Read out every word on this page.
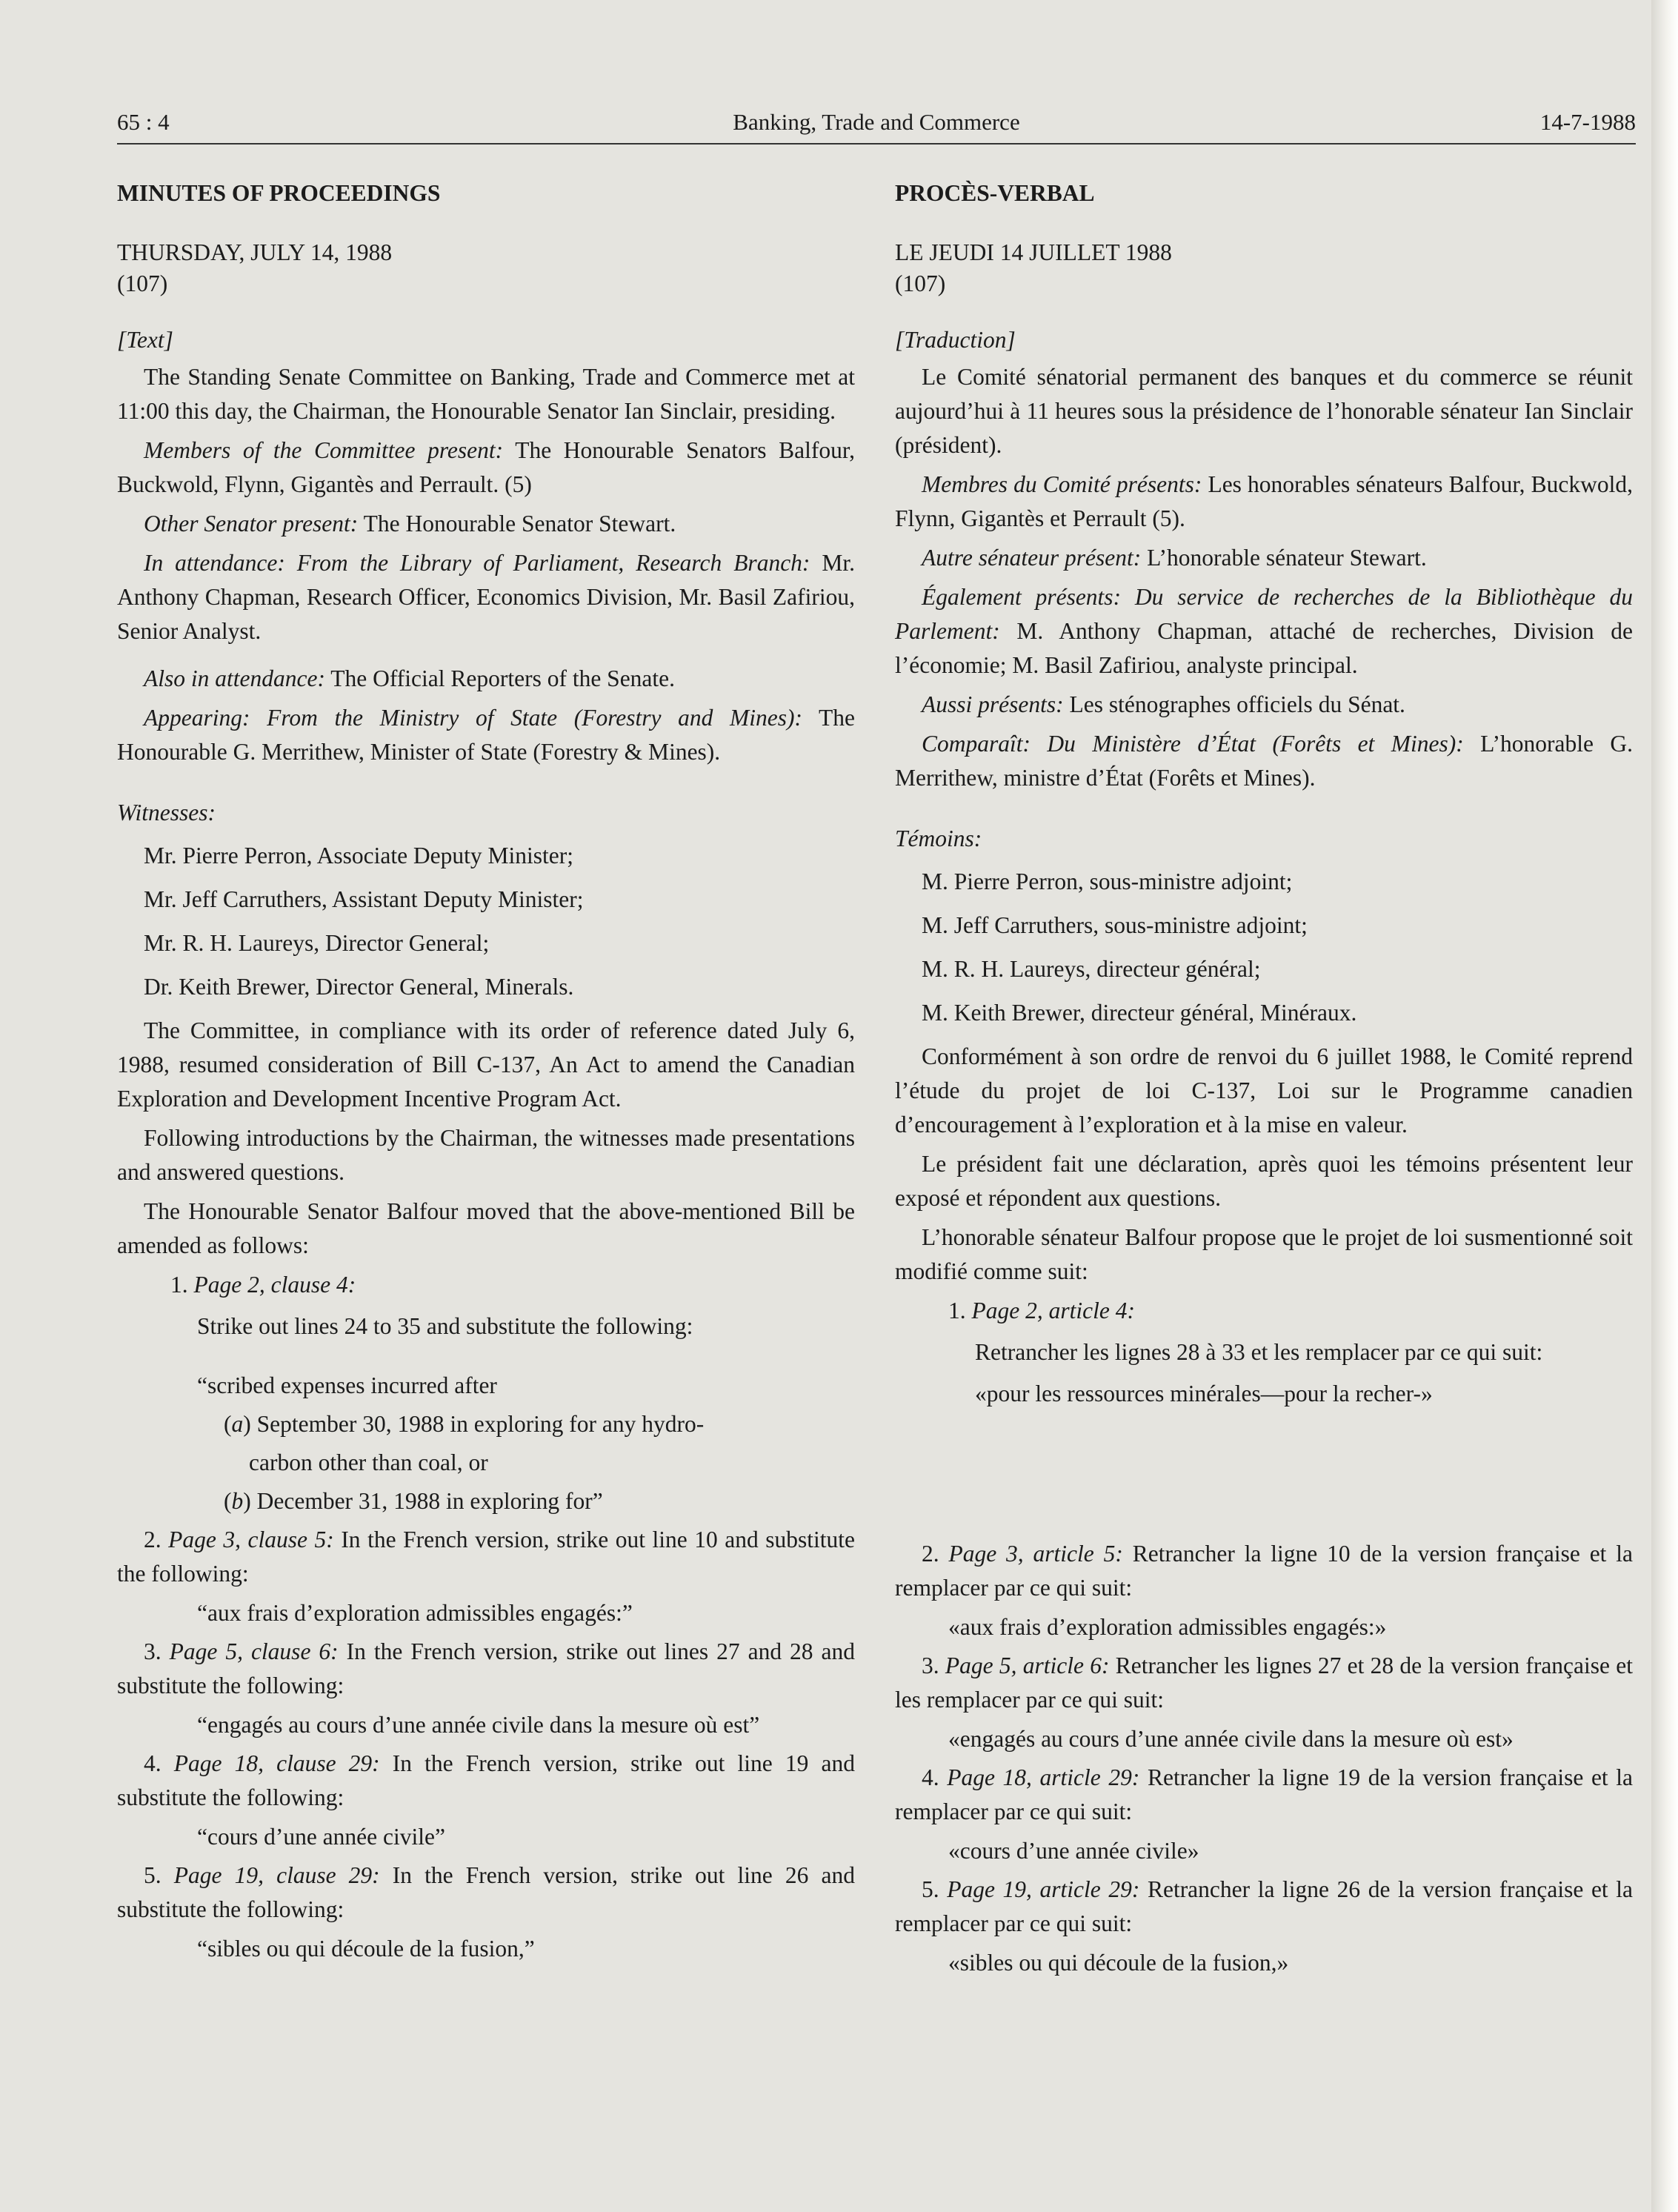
65 : 4	Banking, Trade and Commerce	14-7-1988
MINUTES OF PROCEEDINGS
THURSDAY, JULY 14, 1988
(107)
[Text]

The Standing Senate Committee on Banking, Trade and Commerce met at 11:00 this day, the Chairman, the Honourable Senator Ian Sinclair, presiding.

Members of the Committee present: The Honourable Senators Balfour, Buckwold, Flynn, Gigantès and Perrault. (5)

Other Senator present: The Honourable Senator Stewart.

In attendance: From the Library of Parliament, Research Branch: Mr. Anthony Chapman, Research Officer, Economics Division, Mr. Basil Zafiriou, Senior Analyst.

Also in attendance: The Official Reporters of the Senate.

Appearing: From the Ministry of State (Forestry and Mines): The Honourable G. Merrithew, Minister of State (Forestry & Mines).

Witnesses:
Mr. Pierre Perron, Associate Deputy Minister;
Mr. Jeff Carruthers, Assistant Deputy Minister;
Mr. R. H. Laureys, Director General;
Dr. Keith Brewer, Director General, Minerals.

The Committee, in compliance with its order of reference dated July 6, 1988, resumed consideration of Bill C-137, An Act to amend the Canadian Exploration and Development Incentive Program Act.

Following introductions by the Chairman, the witnesses made presentations and answered questions.

The Honourable Senator Balfour moved that the above-mentioned Bill be amended as follows:

1. Page 2, clause 4:
Strike out lines 24 to 35 and substitute the following:
“scribed expenses incurred after
(a) September 30, 1988 in exploring for any hydro-
carbon other than coal, or
(b) December 31, 1988 in exploring for”

2. Page 3, clause 5: In the French version, strike out line 10 and substitute the following:

“aux frais d’exploration admissibles engagés:”

3. Page 5, clause 6: In the French version, strike out lines 27 and 28 and substitute the following:

“engagés au cours d’une année civile dans la mesure où est”

4. Page 18, clause 29: In the French version, strike out line 19 and substitute the following:

“cours d’une année civile”

5. Page 19, clause 29: In the French version, strike out line 26 and substitute the following:

“sibles ou qui découle de la fusion,”
PROCÈS-VERBAL
LE JEUDI 14 JUILLET 1988
(107)
[Traduction]

Le Comité sénatorial permanent des banques et du commerce se réunit aujourd’hui à 11 heures sous la présidence de l’honorable sénateur Ian Sinclair (président).

Membres du Comité présents: Les honorables sénateurs Balfour, Buckwold, Flynn, Gigantès et Perrault (5).

Autre sénateur présent: L’honorable sénateur Stewart.

Également présents: Du service de recherches de la Bibliothèque du Parlement: M. Anthony Chapman, attaché de recherches, Division de l’économie; M. Basil Zafiriou, analyste principal.

Aussi présents: Les sténographes officiels du Sénat.

Comparaît: Du Ministère d’État (Forêts et Mines): L’honorable G. Merrithew, ministre d’État (Forêts et Mines).

Témoins:
M. Pierre Perron, sous-ministre adjoint;
M. Jeff Carruthers, sous-ministre adjoint;
M. R. H. Laureys, directeur général;
M. Keith Brewer, directeur général, Minéraux.

Conformément à son ordre de renvoi du 6 juillet 1988, le Comité reprend l’étude du projet de loi C-137, Loi sur le Programme canadien d’encouragement à l’exploration et à la mise en valeur.

Le président fait une déclaration, après quoi les témoins présentent leur exposé et répondent aux questions.

L’honorable sénateur Balfour propose que le projet de loi susmentionné soit modifié comme suit:

1. Page 2, article 4:
Retrancher les lignes 28 à 33 et les remplacer par ce qui suit:
«pour les ressources minérales—pour la recher-»

2. Page 3, article 5: Retrancher la ligne 10 de la version française et la remplacer par ce qui suit:

«aux frais d’exploration admissibles engagés:»

3. Page 5, article 6: Retrancher les lignes 27 et 28 de la version française et les remplacer par ce qui suit:

«engagés au cours d’une année civile dans la mesure où est»

4. Page 18, article 29: Retrancher la ligne 19 de la version française et la remplacer par ce qui suit:

«cours d’une année civile»

5. Page 19, article 29: Retrancher la ligne 26 de la version française et la remplacer par ce qui suit:

«sibles ou qui découle de la fusion,»
